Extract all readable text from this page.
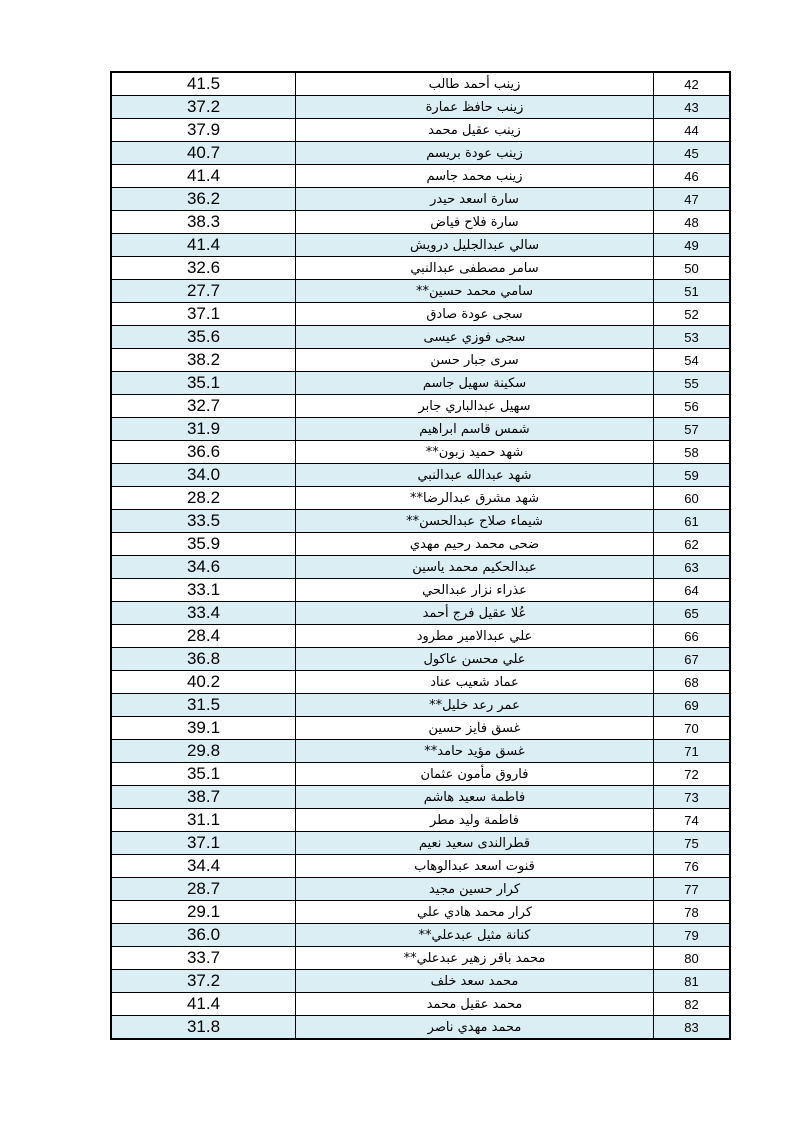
41.5	زينب أحمد طالب	42
37.2	زينب حافظ عمارة	43
37.9	زينب عقيل محمد	44
40.7	زينب عودة بريسم	45
41.4	زينب محمد جاسم	46
36.2	سارة اسعد حيدر	47
38.3	سارة فلاح فياض	48
41.4	سالي عبدالجليل درويش	49
32.6	سامر مصطفى عبدالنبي	50
27.7	سامي محمد حسين**	51
37.1	سجى عودة صادق	52
35.6	سجى فوزي عيسى	53
38.2	سرى جبار حسن	54
35.1	سكينة سهيل جاسم	55
32.7	سهيل عبدالباري جابر	56
31.9	شمس قاسم ابراهيم	57
36.6	شهد حميد زبون**	58
34.0	شهد عبدالله عبدالنبي	59
28.2	شهد مشرق عبدالرضا**	60
33.5	شيماء صلاح عبدالحسن**	61
35.9	ضحى محمد رحيم مهدي	62
34.6	عبدالحكيم محمد ياسين	63
33.1	عذراء نزار عبدالحي	64
33.4	عُلا عقيل فرج أحمد	65
28.4	علي عبدالامير مطرود	66
36.8	علي محسن عاكول	67
40.2	عماد شعيب عناد	68
31.5	عمر رعد خليل**	69
39.1	غسق فايز حسين	70
29.8	غسق مؤيد حامد**	71
35.1	فاروق مأمون عثمان	72
38.7	فاطمة سعيد هاشم	73
31.1	فاطمة وليد مطر	74
37.1	قطرالندى سعيد نعيم	75
34.4	قنوت اسعد عبدالوهاب	76
28.7	كرار حسين مجيد	77
29.1	كرار محمد هادي علي	78
36.0	كنانة مثيل عبدعلي**	79
33.7	محمد باقر زهير عبدعلي**	80
37.2	محمد سعد خلف	81
41.4	محمد عقيل محمد	82
31.8	محمد مهدي ناصر	83
